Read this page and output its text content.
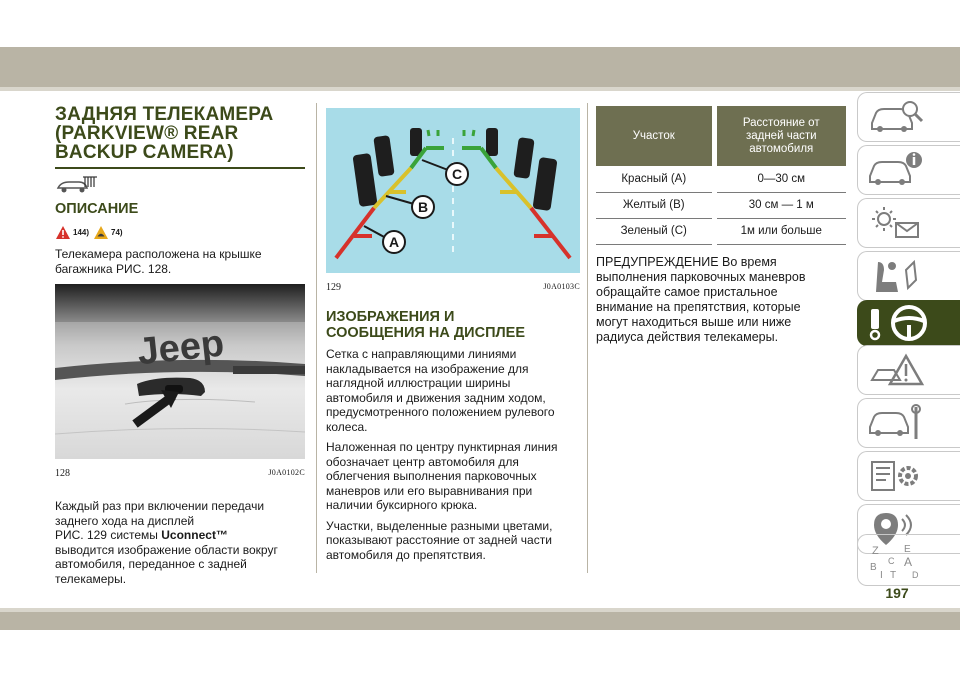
ЗАДНЯЯ ТЕЛЕКАМЕРА
(PARKVIEW® REAR
BACKUP CAMERA)
ОПИСАНИЕ
144)	74)
Телекамера расположена на крышке
багажника РИС. 128.
Jeep
128	J0A0102C
Каждый раз при включении передачи
заднего хода на дисплей
РИС. 129 системы Uconnect™
выводится изображение области вокруг
автомобиля, переданное с задней
телекамеры.
A
B
C
129	J0A0103C
ИЗОБРАЖЕНИЯ И
СООБЩЕНИЯ НА ДИСПЛЕЕ
Сетка с направляющими линиями
накладывается на изображение для
наглядной иллюстрации ширины
автомобиля и движения задним ходом,
предусмотренного положением рулевого
колеса.
Наложенная по центру пунктирная линия
обозначает центр автомобиля для
облегчения выполнения парковочных
маневров или его выравнивания при
наличии буксирного крюка.
Участки, выделенные разными цветами,
показывают расстояние от задней части
автомобиля до препятствия.
Участок	Расстояние от
задней части
автомобиля

Красный (A)	0—30 см
Желтый (B)	30 см — 1 м
Зеленый (C)	1м или больше
ПРЕДУПРЕЖДЕНИЕ Во время
выполнения парковочных маневров
обращайте самое пристальное
внимание на препятствия, которые
могут находиться выше или ниже
радиуса действия телекамеры.
Z	E
B A
I T D
C
197
